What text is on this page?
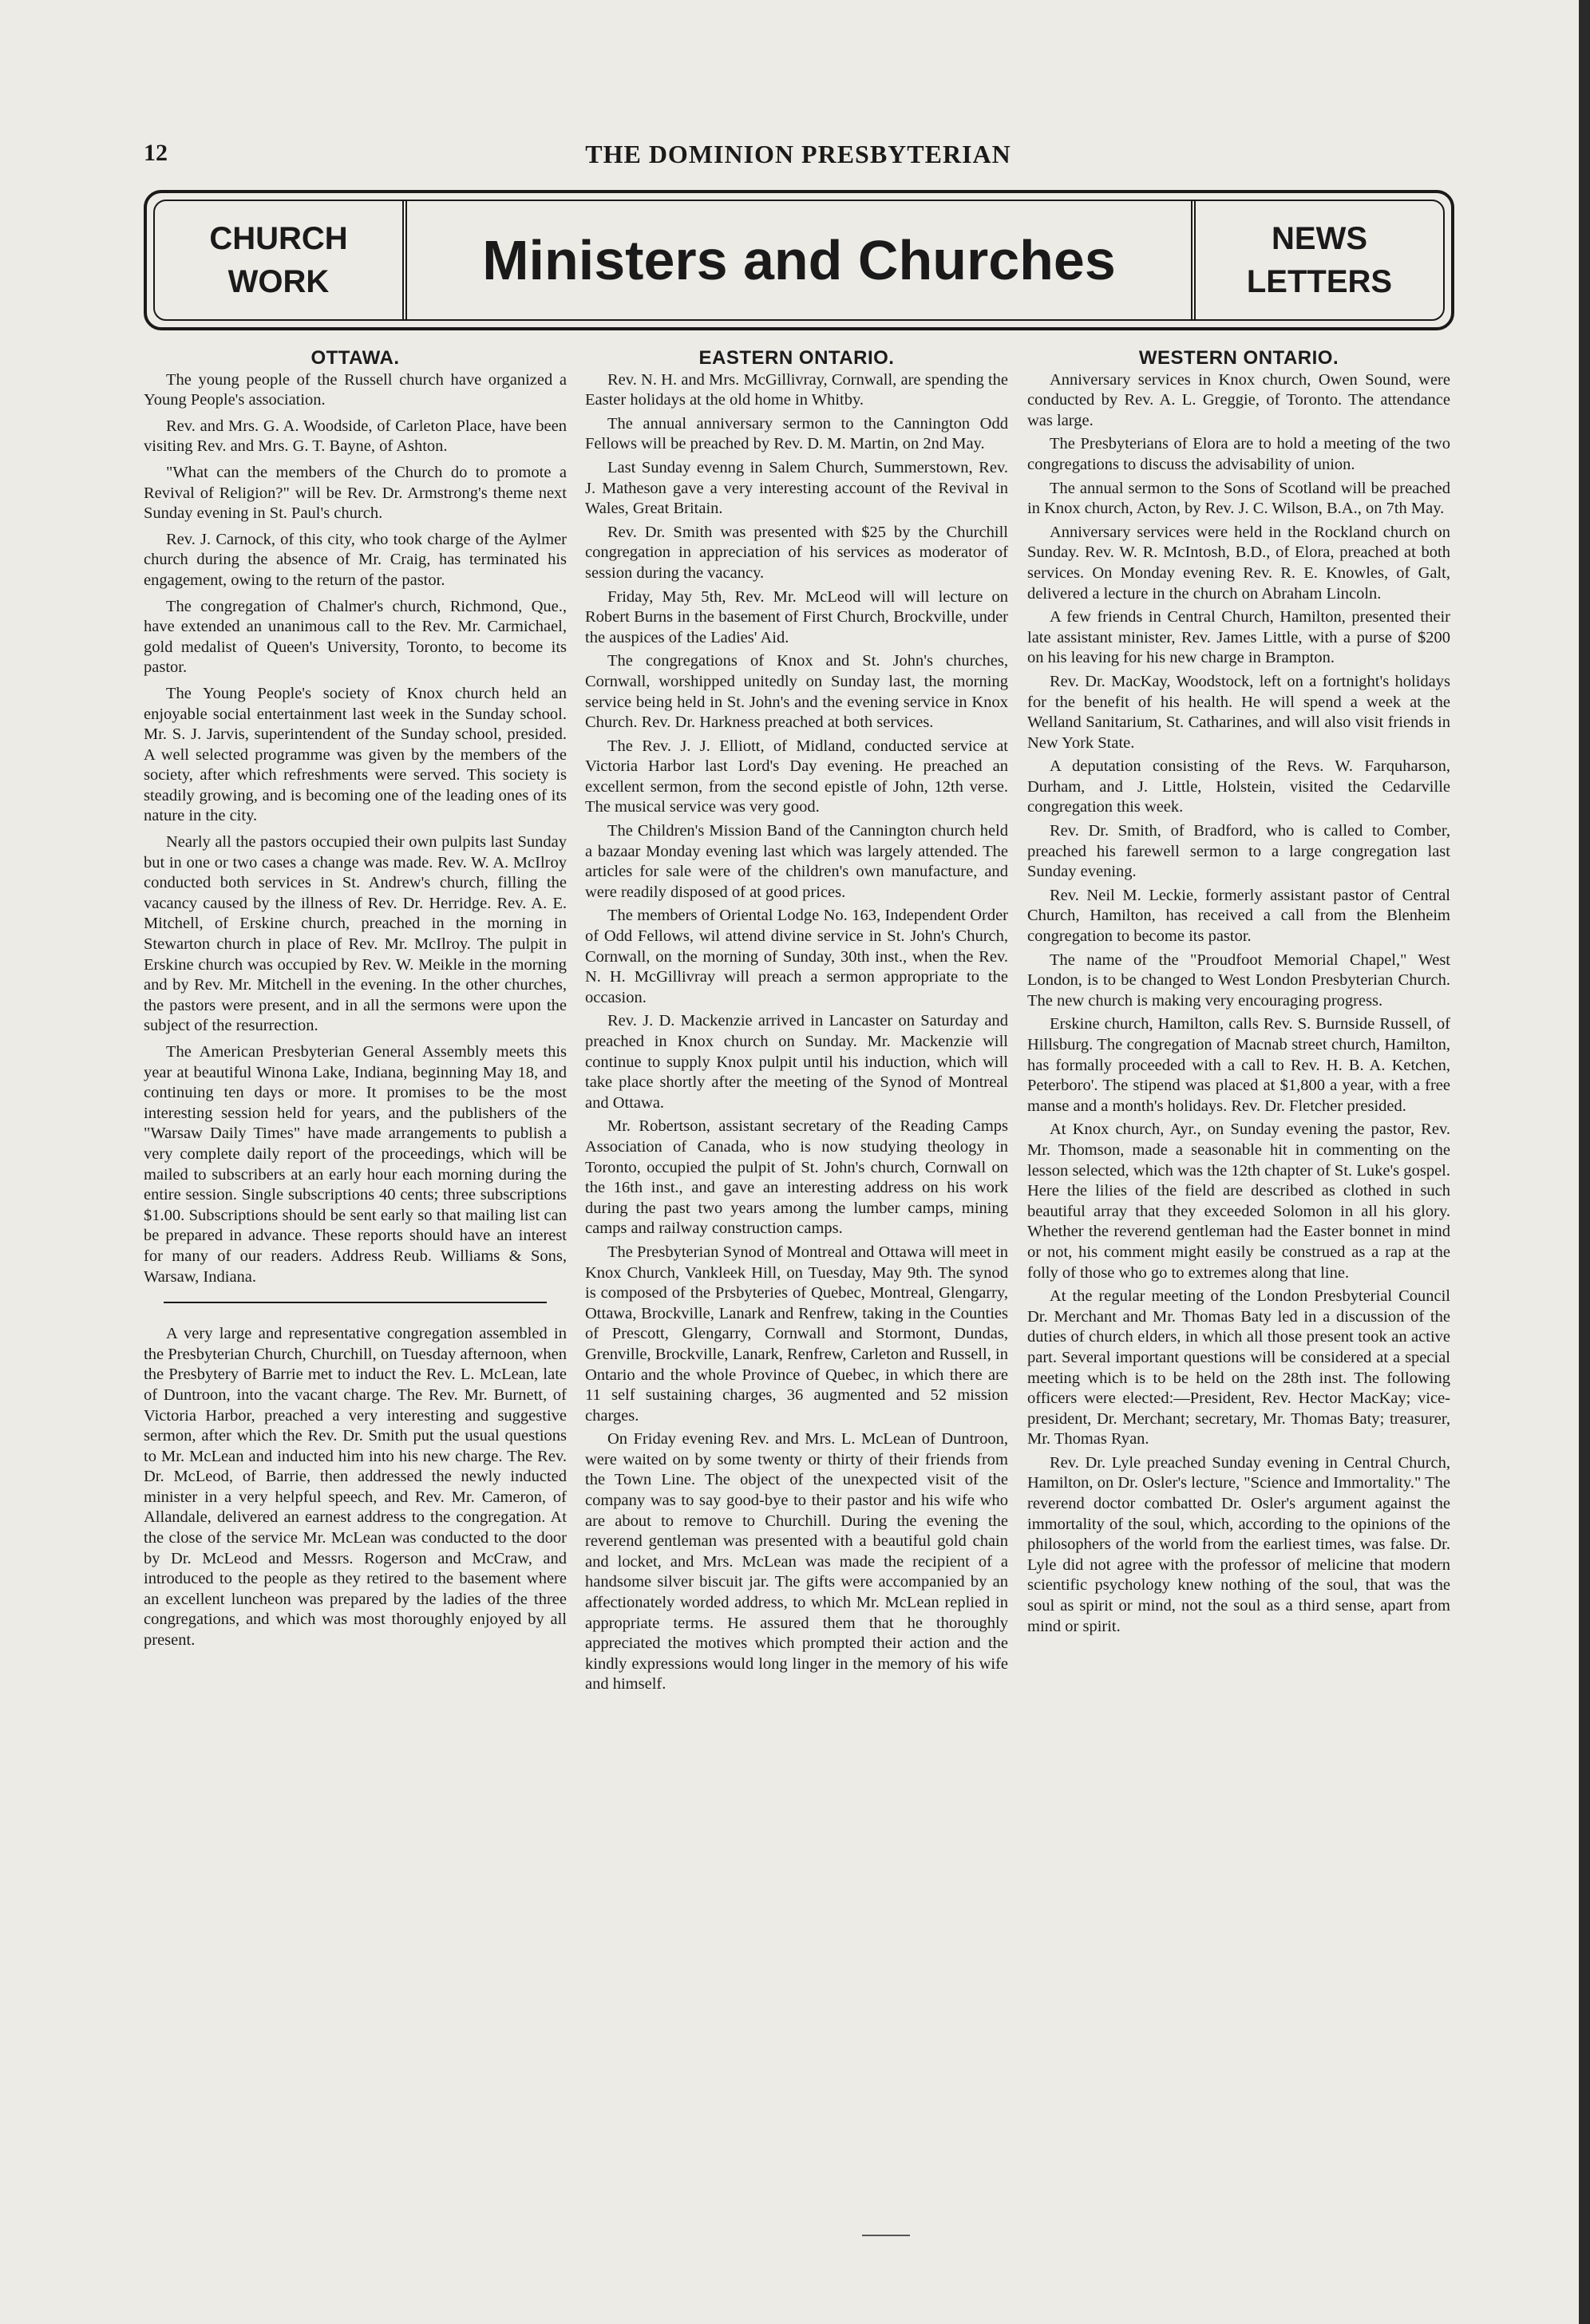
12	THE DOMINION PRESBYTERIAN
CHURCH
WORK	Ministers and Churches	NEWS
LETTERS
OTTAWA.

The young people of the Russell church have organized a Young People's association.

Rev. and Mrs. G. A. Woodside, of Carleton Place, have been visiting Rev. and Mrs. G. T. Bayne, of Ashton.

"What can the members of the Church do to promote a Revival of Religion?" will be Rev. Dr. Armstrong's theme next Sunday evening in St. Paul's church.

Rev. J. Carnock, of this city, who took charge of the Aylmer church during the absence of Mr. Craig, has terminated his engagement, owing to the return of the pastor.

The congregation of Chalmer's church, Richmond, Que., have extended an unanimous call to the Rev. Mr. Carmichael, gold medalist of Queen's University, Toronto, to become its pastor.

The Young People's society of Knox church held an enjoyable social entertainment last week in the Sunday school. Mr. S. J. Jarvis, superintendent of the Sunday school, presided. A well selected programme was given by the members of the society, after which refreshments were served. This society is steadily growing, and is becoming one of the leading ones of its nature in the city.

Nearly all the pastors occupied their own pulpits last Sunday but in one or two cases a change was made. Rev. W. A. McIlroy conducted both services in St. Andrew's church, filling the vacancy caused by the illness of Rev. Dr. Herridge. Rev. A. E. Mitchell, of Erskine church, preached in the morning in Stewarton church in place of Rev. Mr. McIlroy. The pulpit in Erskine church was occupied by Rev. W. Meikle in the morning and by Rev. Mr. Mitchell in the evening. In the other churches, the pastors were present, and in all the sermons were upon the subject of the resurrection.

The American Presbyterian General Assembly meets this year at beautiful Winona Lake, Indiana, beginning May 18, and continuing ten days or more. It promises to be the most interesting session held for years, and the publishers of the "Warsaw Daily Times" have made arrangements to publish a very complete daily report of the proceedings, which will be mailed to subscribers at an early hour each morning during the entire session. Single subscriptions 40 cents; three subscriptions $1.00. Subscriptions should be sent early so that mailing list can be prepared in advance. These reports should have an interest for many of our readers. Address Reub. Williams & Sons, Warsaw, Indiana.

A very large and representative congregation assembled in the Presbyterian Church, Churchill, on Tuesday afternoon, when the Presbytery of Barrie met to induct the Rev. L. McLean, late of Duntroon, into the vacant charge. The Rev. Mr. Burnett, of Victoria Harbor, preached a very interesting and suggestive sermon, after which the Rev. Dr. Smith put the usual questions to Mr. McLean and inducted him into his new charge. The Rev. Dr. McLeod, of Barrie, then addressed the newly inducted minister in a very helpful speech, and Rev. Mr. Cameron, of Allandale, delivered an earnest address to the congregation. At the close of the service Mr. McLean was conducted to the door by Dr. McLeod and Messrs. Rogerson and McCraw, and introduced to the people as they retired to the basement where an excellent luncheon was prepared by the ladies of the three congregations, and which was most thoroughly enjoyed by all present.

EASTERN ONTARIO.

Rev. N. H. and Mrs. McGillivray, Cornwall, are spending the Easter holidays at the old home in Whitby.

The annual anniversary sermon to the Cannington Odd Fellows will be preached by Rev. D. M. Martin, on 2nd May.

Last Sunday evenng in Salem Church, Summerstown, Rev. J. Matheson gave a very interesting account of the Revival in Wales, Great Britain.

Rev. Dr. Smith was presented with $25 by the Churchill congregation in appreciation of his services as moderator of session during the vacancy.

Friday, May 5th, Rev. Mr. McLeod will will lecture on Robert Burns in the basement of First Church, Brockville, under the auspices of the Ladies' Aid.

The congregations of Knox and St. John's churches, Cornwall, worshipped unitedly on Sunday last, the morning service being held in St. John's and the evening service in Knox Church. Rev. Dr. Harkness preached at both services.

The Rev. J. J. Elliott, of Midland, conducted service at Victoria Harbor last Lord's Day evening. He preached an excellent sermon, from the second epistle of John, 12th verse. The musical service was very good.

The Children's Mission Band of the Cannington church held a bazaar Monday evening last which was largely attended. The articles for sale were of the children's own manufacture, and were readily disposed of at good prices.

The members of Oriental Lodge No. 163, Independent Order of Odd Fellows, wil attend divine service in St. John's Church, Cornwall, on the morning of Sunday, 30th inst., when the Rev. N. H. McGillivray will preach a sermon appropriate to the occasion.

Rev. J. D. Mackenzie arrived in Lancaster on Saturday and preached in Knox church on Sunday. Mr. Mackenzie will continue to supply Knox pulpit until his induction, which will take place shortly after the meeting of the Synod of Montreal and Ottawa.

Mr. Robertson, assistant secretary of the Reading Camps Association of Canada, who is now studying theology in Toronto, occupied the pulpit of St. John's church, Cornwall on the 16th inst., and gave an interesting address on his work during the past two years among the lumber camps, mining camps and railway construction camps.

The Presbyterian Synod of Montreal and Ottawa will meet in Knox Church, Vankleek Hill, on Tuesday, May 9th. The synod is composed of the Prsbyteries of Quebec, Montreal, Glengarry, Ottawa, Brockville, Lanark and Renfrew, taking in the Counties of Prescott, Glengarry, Cornwall and Stormont, Dundas, Grenville, Brockville, Lanark, Renfrew, Carleton and Russell, in Ontario and the whole Province of Quebec, in which there are 11 self sustaining charges, 36 augmented and 52 mission charges.

On Friday evening Rev. and Mrs. L. McLean of Duntroon, were waited on by some twenty or thirty of their friends from the Town Line. The object of the unexpected visit of the company was to say good-bye to their pastor and his wife who are about to remove to Churchill. During the evening the reverend gentleman was presented with a beautiful gold chain and locket, and Mrs. McLean was made the recipient of a handsome silver biscuit jar. The gifts were accompanied by an affectionately worded address, to which Mr. McLean replied in appropriate terms. He assured them that he thoroughly appreciated the motives which prompted their action and the kindly expressions would long linger in the memory of his wife and himself.

WESTERN ONTARIO.

Anniversary services in Knox church, Owen Sound, were conducted by Rev. A. L. Greggie, of Toronto. The attendance was large.

The Presbyterians of Elora are to hold a meeting of the two congregations to discuss the advisability of union.

The annual sermon to the Sons of Scotland will be preached in Knox church, Acton, by Rev. J. C. Wilson, B.A., on 7th May.

Anniversary services were held in the Rockland church on Sunday. Rev. W. R. McIntosh, B.D., of Elora, preached at both services. On Monday evening Rev. R. E. Knowles, of Galt, delivered a lecture in the church on Abraham Lincoln.

A few friends in Central Church, Hamilton, presented their late assistant minister, Rev. James Little, with a purse of $200 on his leaving for his new charge in Brampton.

Rev. Dr. MacKay, Woodstock, left on a fortnight's holidays for the benefit of his health. He will spend a week at the Welland Sanitarium, St. Catharines, and will also visit friends in New York State.

A deputation consisting of the Revs. W. Farquharson, Durham, and J. Little, Holstein, visited the Cedarville congregation this week.

Rev. Dr. Smith, of Bradford, who is called to Comber, preached his farewell sermon to a large congregation last Sunday evening.

Rev. Neil M. Leckie, formerly assistant pastor of Central Church, Hamilton, has received a call from the Blenheim congregation to become its pastor.

The name of the "Proudfoot Memorial Chapel," West London, is to be changed to West London Presbyterian Church. The new church is making very encouraging progress.

Erskine church, Hamilton, calls Rev. S. Burnside Russell, of Hillsburg. The congregation of Macnab street church, Hamilton, has formally proceeded with a call to Rev. H. B. A. Ketchen, Peterboro'. The stipend was placed at $1,800 a year, with a free manse and a month's holidays. Rev. Dr. Fletcher presided.

At Knox church, Ayr., on Sunday evening the pastor, Rev. Mr. Thomson, made a seasonable hit in commenting on the lesson selected, which was the 12th chapter of St. Luke's gospel. Here the lilies of the field are described as clothed in such beautiful array that they exceeded Solomon in all his glory. Whether the reverend gentleman had the Easter bonnet in mind or not, his comment might easily be construed as a rap at the folly of those who go to extremes along that line.

At the regular meeting of the London Presbyterial Council Dr. Merchant and Mr. Thomas Baty led in a discussion of the duties of church elders, in which all those present took an active part. Several important questions will be considered at a special meeting which is to be held on the 28th inst. The following officers were elected:—President, Rev. Hector MacKay; vice-president, Dr. Merchant; secretary, Mr. Thomas Baty; treasurer, Mr. Thomas Ryan.

Rev. Dr. Lyle preached Sunday evening in Central Church, Hamilton, on Dr. Osler's lecture, "Science and Immortality." The reverend doctor combatted Dr. Osler's argument against the immortality of the soul, which, according to the opinions of the philosophers of the world from the earliest times, was false. Dr. Lyle did not agree with the professor of melicine that modern scientific psychology knew nothing of the soul, that was the soul as spirit or mind, not the soul as a third sense, apart from mind or spirit.
